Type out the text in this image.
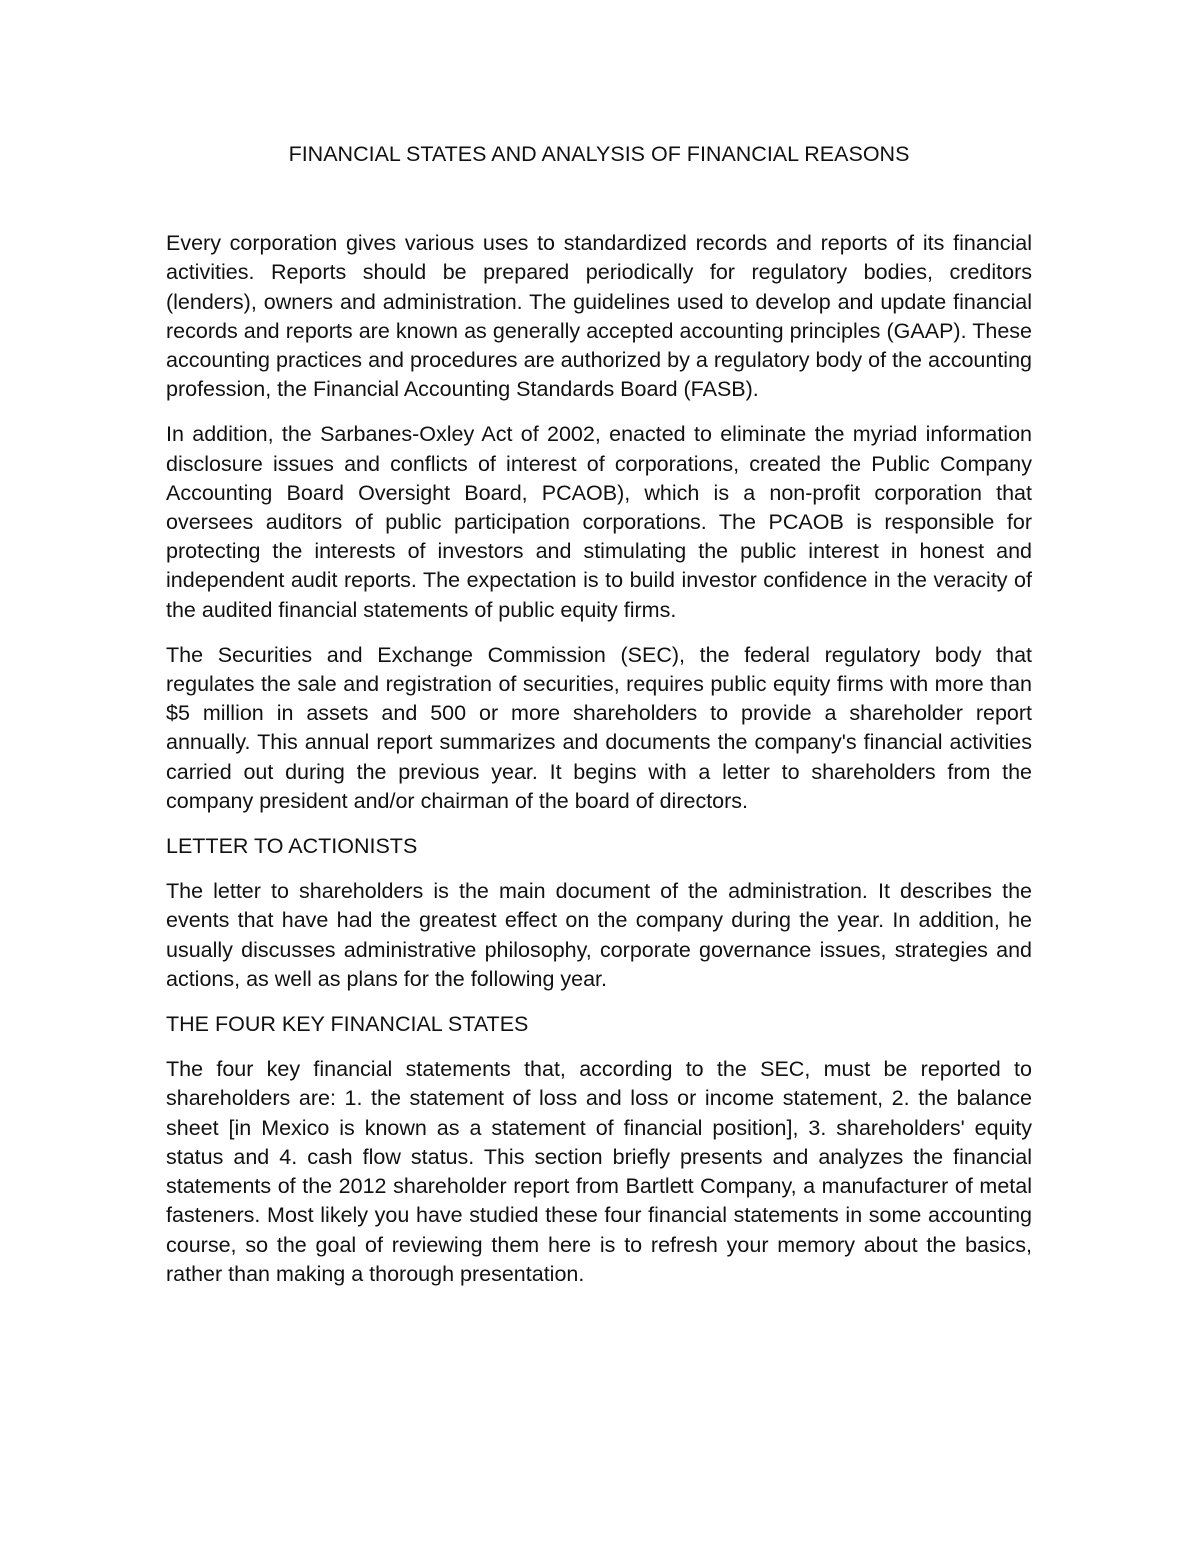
FINANCIAL STATES AND ANALYSIS OF FINANCIAL REASONS

Every corporation gives various uses to standardized records and reports of its financial activities. Reports should be prepared periodically for regulatory bodies, creditors (lenders), owners and administration. The guidelines used to develop and update financial records and reports are known as generally accepted accounting principles (GAAP). These accounting practices and procedures are authorized by a regulatory body of the accounting profession, the Financial Accounting Standards Board (FASB).

In addition, the Sarbanes-Oxley Act of 2002, enacted to eliminate the myriad information disclosure issues and conflicts of interest of corporations, created the Public Company Accounting Board Oversight Board, PCAOB), which is a non-profit corporation that oversees auditors of public participation corporations. The PCAOB is responsible for protecting the interests of investors and stimulating the public interest in honest and independent audit reports. The expectation is to build investor confidence in the veracity of the audited financial statements of public equity firms.

The Securities and Exchange Commission (SEC), the federal regulatory body that regulates the sale and registration of securities, requires public equity firms with more than $5 million in assets and 500 or more shareholders to provide a shareholder report annually. This annual report summarizes and documents the company's financial activities carried out during the previous year. It begins with a letter to shareholders from the company president and/or chairman of the board of directors.

LETTER TO ACTIONISTS

The letter to shareholders is the main document of the administration. It describes the events that have had the greatest effect on the company during the year. In addition, he usually discusses administrative philosophy, corporate governance issues, strategies and actions, as well as plans for the following year.

THE FOUR KEY FINANCIAL STATES

The four key financial statements that, according to the SEC, must be reported to shareholders are: 1. the statement of loss and loss or income statement, 2. the balance sheet [in Mexico is known as a statement of financial position], 3. shareholders' equity status and 4. cash flow status. This section briefly presents and analyzes the financial statements of the 2012 shareholder report from Bartlett Company, a manufacturer of metal fasteners. Most likely you have studied these four financial statements in some accounting course, so the goal of reviewing them here is to refresh your memory about the basics, rather than making a thorough presentation.
